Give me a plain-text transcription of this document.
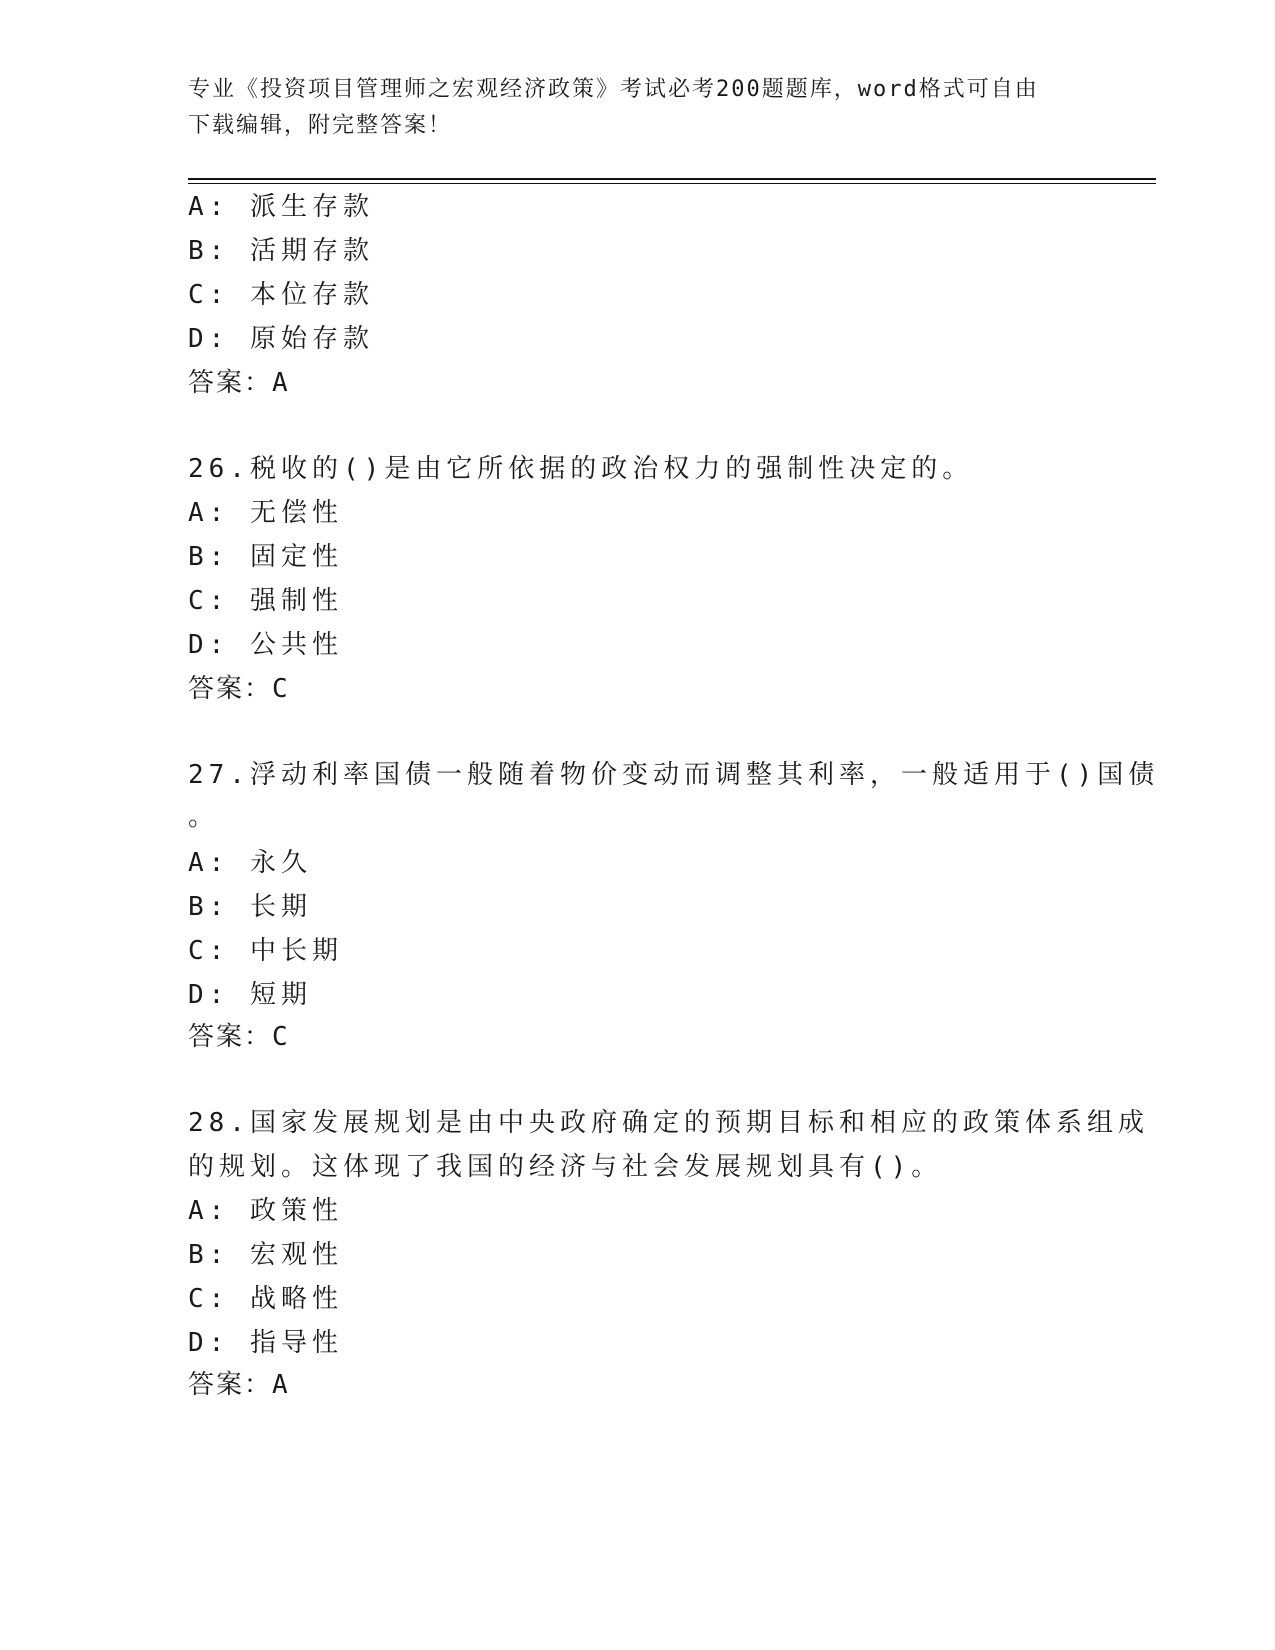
专业《投资项目管理师之宏观经济政策》考试必考200题题库，word格式可自由
下载编辑，附完整答案！
A: 派生存款
B: 活期存款
C: 本位存款
D: 原始存款
答案：A
26.税收的()是由它所依据的政治权力的强制性决定的。
A: 无偿性
B: 固定性
C: 强制性
D: 公共性
答案：C
27.浮动利率国债一般随着物价变动而调整其利率，一般适用于()国债
。
A: 永久
B: 长期
C: 中长期
D: 短期
答案：C
28.国家发展规划是由中央政府确定的预期目标和相应的政策体系组成
的规划。这体现了我国的经济与社会发展规划具有()。
A: 政策性
B: 宏观性
C: 战略性
D: 指导性
答案：A
